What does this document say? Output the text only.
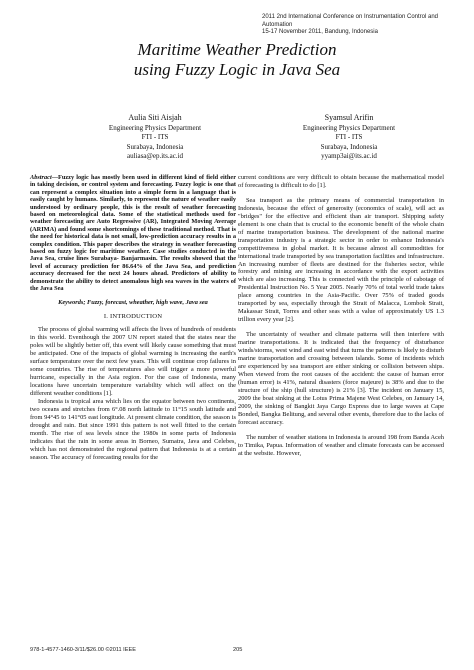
2011 2nd International Conference on Instrumentation Control and Automation
15-17 November 2011, Bandung, Indonesia
Maritime Weather Prediction
using Fuzzy Logic in Java Sea
Aulia Siti Aisjah
Engineering Physics Department
FTI - ITS
Surabaya, Indonesia
auliasa@ep.its.ac.id
Syamsul Arifin
Engineering Physics Department
FTI - ITS
Surabaya, Indonesia
yyamp3ai@its.ac.id

Abstract—Fuzzy logic has mostly been used in different kind of field either in taking decision, or control system and forecasting. Fuzzy logic is one that can represent a complex situation into a simple form in a language that is easily caught by humans. Similarly, to represent the nature of weather easily understood by ordinary people, this is the result of weather forecasting based on meteorological data. Some of the statistical methods used for weather forecasting are Auto Regressive (AR), Integrated Moving Average (ARIMA) and found some shortcomings of these traditional method. That is the need for historical data is not small, low-prediction accuracy results in a complex condition. This paper describes the strategy in weather forecasting based on fuzzy logic for maritime weather. Case studies conducted in the Java Sea, cruise lines Surabaya- Banjarmasin. The results showed that the level of accuracy prediction for 86.64% of the Java Sea, and prediction accuracy decreased for the next 24 hours ahead. Predictors of ability to demonstrate the ability to detect anomalous high sea waves in the waters of the Java Sea

Keywords; Fuzzy, forecast, wheather, high wave, Java sea
I. INTRODUCTION

The process of global warming will affects the lives of hundreds of residents in this world. Eventhough the 2007 UN report stated that the states near the poles will be slightly better off, this event will likely cause something that must be anticipated. One of the impacts of global warming is increasing the earth's surface temperature over the next few years. This will continue crop failures in some countries. The rise of temperatures also will trigger a more powerful hurricane, especially in the Asia region. For the case of Indonesia, many locations have uncertain temperature variability which will affect on the different weather conditions [1].

Indonesia is tropical area which lies on the equator between two continents, two oceans and stretches from 6°.08 north latitude to 11°15 south latitude and from 94°45 to 141°05 east longitude. At present climate condition, the season is drought and rain. But since 1991 this pattern is not well fitted to the certain month. The rise of sea levels since the 1980s in some parts of Indonesia indicates that the rain in some areas in Borneo, Sumatra, Java and Celebes, which has not demonstrated the regional pattern that Indonesia is at a certain season. The accuracy of forecasting results for the

current conditions are very difficult to obtain because the mathematical model of forecasting is difficult to do [1].

Sea transport as the primary means of commercial transportation in Indonesia, because the effect of generosity (economics of scale), will act as "bridges" for the effective and efficient than air transport. Shipping safety element is one chain that is crucial to the economic benefit of the whole chain of marine transportation business. The development of the national marine transportation industry is a strategic sector in order to enhance Indonesia's competitiveness in global market. It is because almost all commodities for international trade transported by sea transportation facilities and infrastructure. An increasing number of fleets are destined for the fisheries sector, while forestry and mining are increasing in accordance with the export activities which are also increasing. This is connected with the principle of cabotage of Presidential Instruction No. 5 Year 2005. Nearly 70% of total world trade takes place among countries in the Asia-Pacific. Over 75% of traded goods transported by sea, especially through the Strait of Malacca, Lombok Strait, Makassar Strait, Torres and other seas with a value of approximately US 1.3 trillion every year [2].

The uncertainty of weather and climate patterns will then interfere with marine transportations. It is indicated that the frequency of disturbance winds/storms, west wind and east wind that turns the patterns is likely to disturb marine transportation and crossing between islands. Some of incidents which are experienced by sea transport are either sinking or collision between ships. When viewed from the root causes of the accident: the cause of human error (human error) is 41%, natural disasters (force majeure) is 38% and due to the structure of the ship (hull structure) is 21% [3]. The incident on January 15, 2009 the boat sinking at the Lotus Prima Majene West Celebes, on January 14, 2009, the sinking of Bangkit Jaya Cargo Express due to large waves at Cape Bonded, Bangka Belitung, and several other events, therefore due to the lacks of forecast accuracy.

The number of weather stations in Indonesia is around 198 from Banda Aceh to Timika, Papua. Information of weather and climate forecasts can be accessed at the website. However,

978-1-4577-1460-3/11/$26.00 ©2011 IEEE	205
